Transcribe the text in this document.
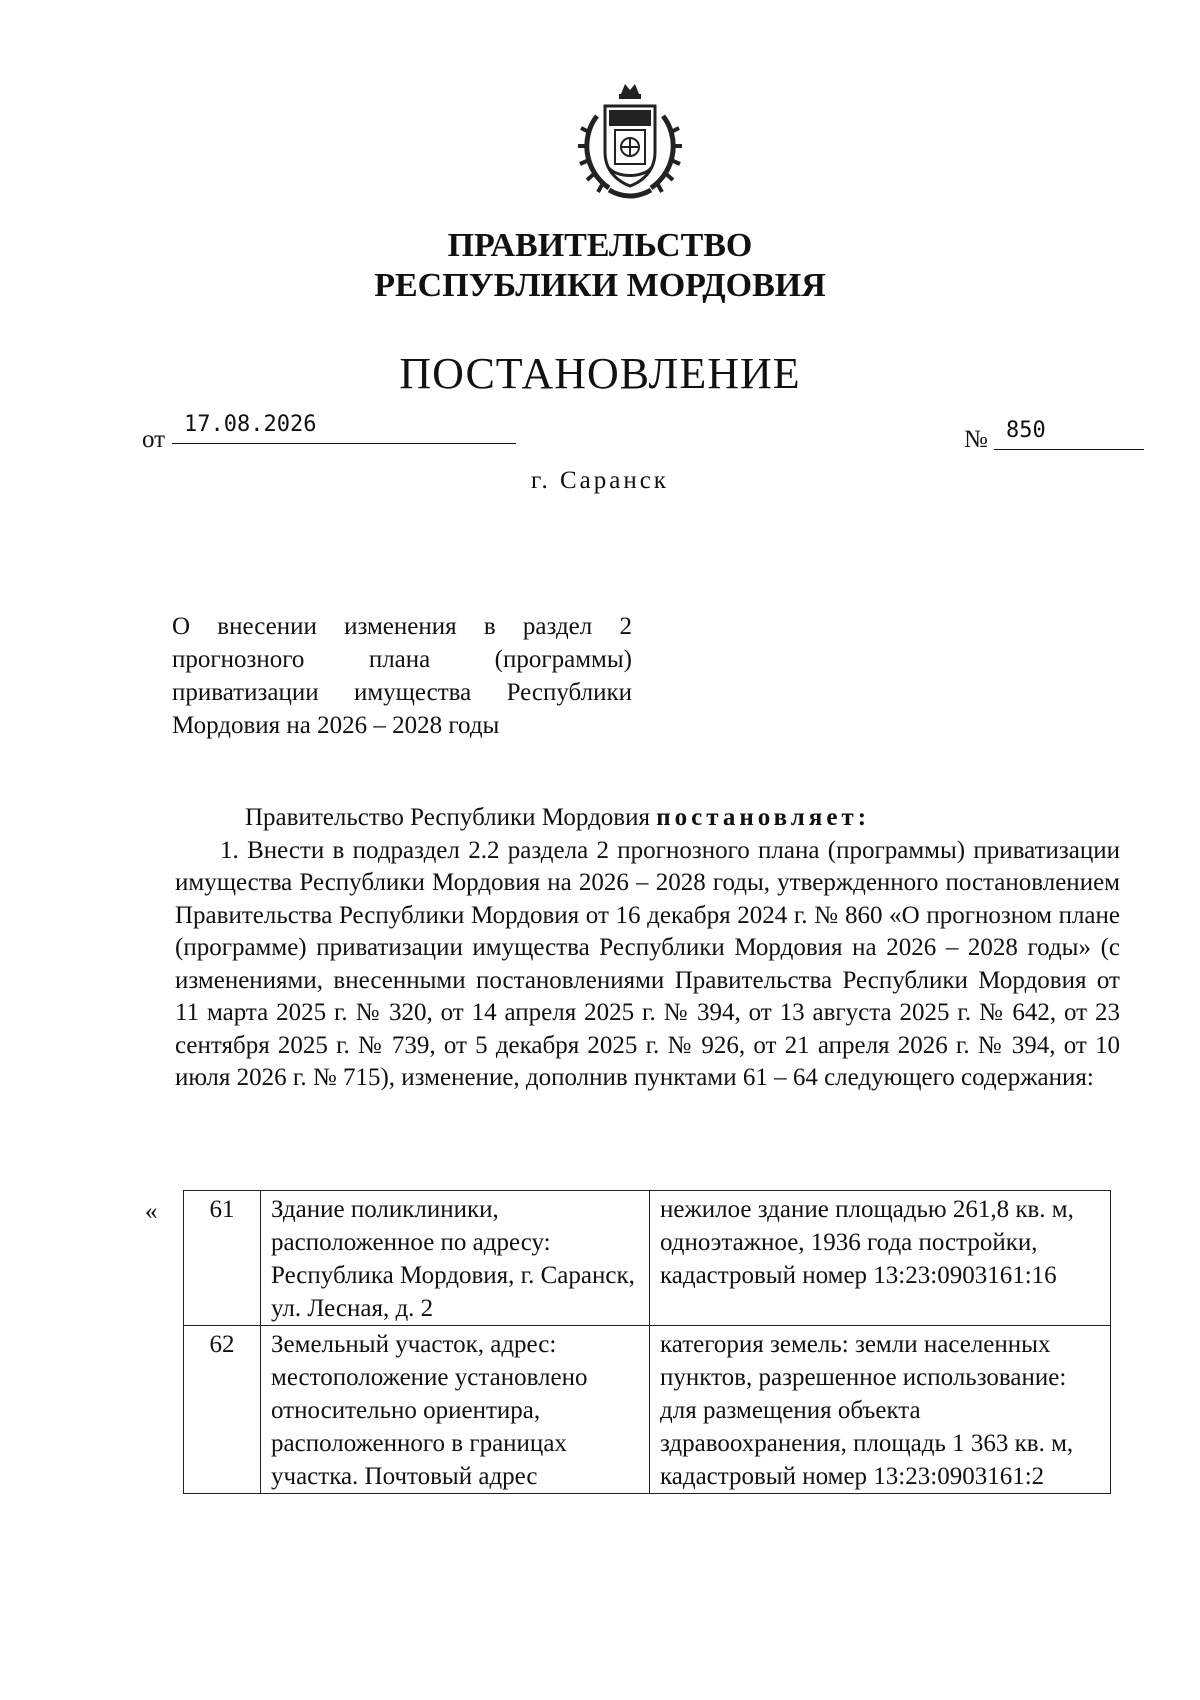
ПРАВИТЕЛЬСТВО
РЕСПУБЛИКИ МОРДОВИЯ
ПОСТАНОВЛЕНИЕ
от
17.08.2026
№ 850
г. Саранск
О внесении изменения в раздел 2 прогнозного плана (программы) приватизации имущества Республики Мордовия на 2026 – 2028 годы

Правительство Республики Мордовия постановляет:

1. Внести в подраздел 2.2 раздела 2 прогнозного плана (программы) приватизации имущества Республики Мордовия на 2026 – 2028 годы, утвержденного постановлением Правительства Республики Мордовия от 16 декабря 2024 г. № 860 «О прогнозном плане (программе) приватизации имущества Республики Мордовия на 2026 – 2028 годы» (с изменениями, внесенными постановлениями Правительства Республики Мордовия от 11 марта 2025 г. № 320, от 14 апреля 2025 г. № 394, от 13 августа 2025 г. № 642, от 23 сентября 2025 г. № 739, от 5 декабря 2025 г. № 926, от 21 апреля 2026 г. № 394, от 10 июля 2026 г. № 715), изменение, дополнив пунктами 61 – 64 следующего содержания:

« 61	Здание поликлиники, расположенное по адресу: Республика Мордовия, г. Саранск, ул. Лесная, д. 2	нежилое здание площадью 261,8 кв. м, одноэтажное, 1936 года постройки, кадастровый номер 13:23:0903161:16
62	Земельный участок, адрес: местоположение установлено относительно ориентира, расположенного в границах участка. Почтовый адрес	категория земель: земли населенных пунктов, разрешенное использование: для размещения объекта здравоохранения, площадь 1 363 кв. м, кадастровый номер 13:23:0903161:2
